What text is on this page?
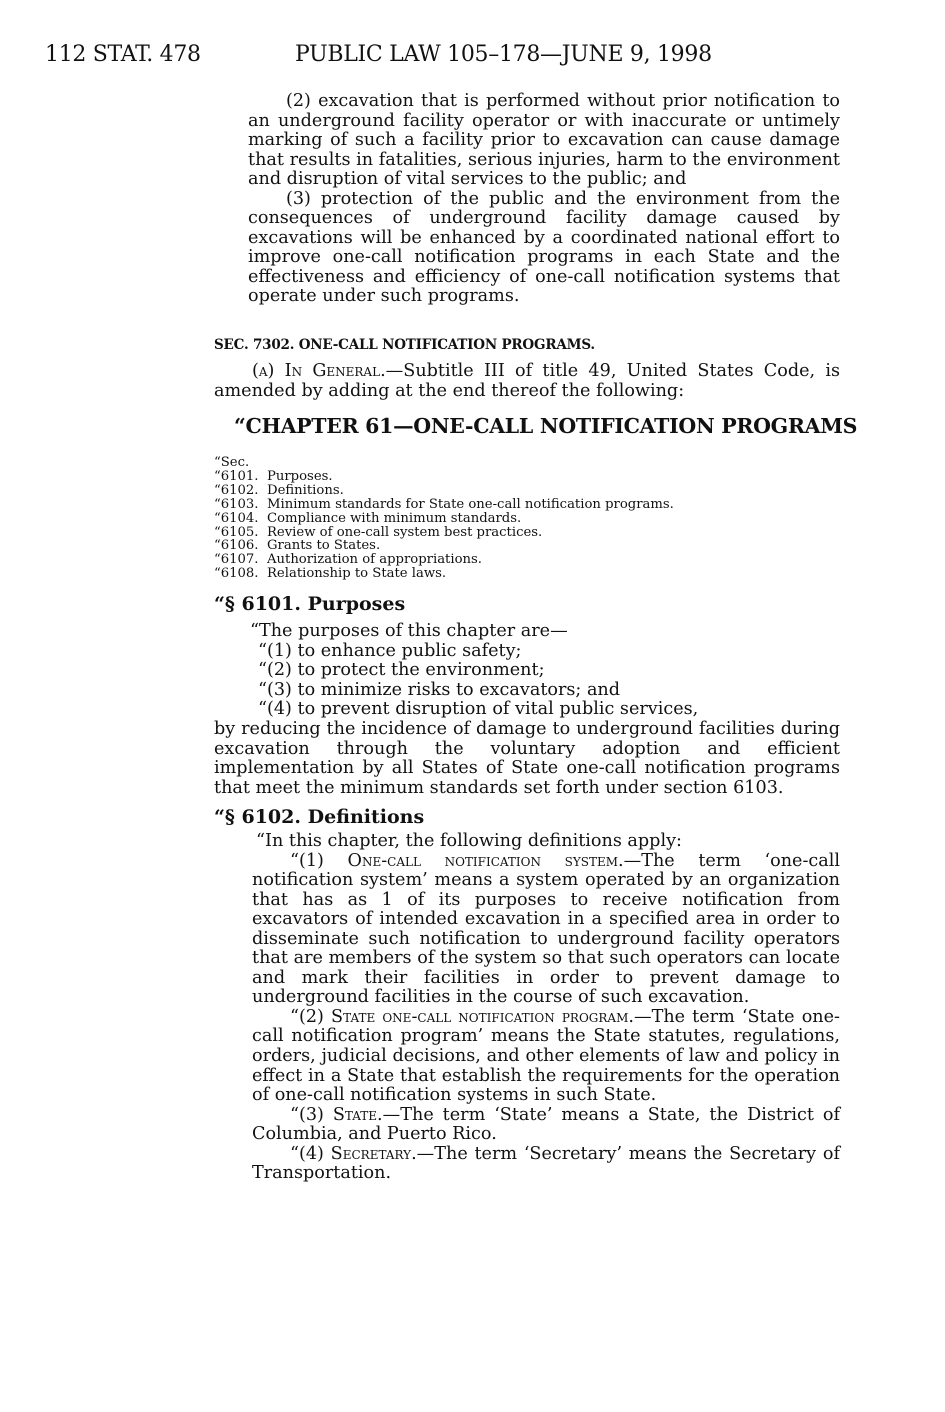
112 STAT. 478	PUBLIC LAW 105–178—JUNE 9, 1998

(2) excavation that is performed without prior notification to an underground facility operator or with inaccurate or untimely marking of such a facility prior to excavation can cause damage that results in fatalities, serious injuries, harm to the environment and disruption of vital services to the public; and

(3) protection of the public and the environment from the consequences of underground facility damage caused by excavations will be enhanced by a coordinated national effort to improve one-call notification programs in each State and the effectiveness and efficiency of one-call notification systems that operate under such programs.

SEC. 7302. ONE-CALL NOTIFICATION PROGRAMS.
(a) In General.—Subtitle III of title 49, United States Code, is amended by adding at the end thereof the following:
“CHAPTER 61—ONE-CALL NOTIFICATION PROGRAMS
“Sec.
“6101. Purposes.
“6102. Definitions.
“6103. Minimum standards for State one-call notification programs.
“6104. Compliance with minimum standards.
“6105. Review of one-call system best practices.
“6106. Grants to States.
“6107. Authorization of appropriations.
“6108. Relationship to State laws.
“§ 6101. Purposes

“The purposes of this chapter are—

“(1) to enhance public safety;

“(2) to protect the environment;

“(3) to minimize risks to excavators; and

“(4) to prevent disruption of vital public services,

by reducing the incidence of damage to underground facilities during excavation through the voluntary adoption and efficient implementation by all States of State one-call notification programs that meet the minimum standards set forth under section 6103.

“§ 6102. Definitions

“In this chapter, the following definitions apply:

“(1) One-call notification system.—The term ‘one-call notification system’ means a system operated by an organization that has as 1 of its purposes to receive notification from excavators of intended excavation in a specified area in order to disseminate such notification to underground facility operators that are members of the system so that such operators can locate and mark their facilities in order to prevent damage to underground facilities in the course of such excavation.

“(2) State one-call notification program.—The term ‘State one-call notification program’ means the State statutes, regulations, orders, judicial decisions, and other elements of law and policy in effect in a State that establish the requirements for the operation of one-call notification systems in such State.

“(3) State.—The term ‘State’ means a State, the District of Columbia, and Puerto Rico.

“(4) Secretary.—The term ‘Secretary’ means the Secretary of Transportation.
